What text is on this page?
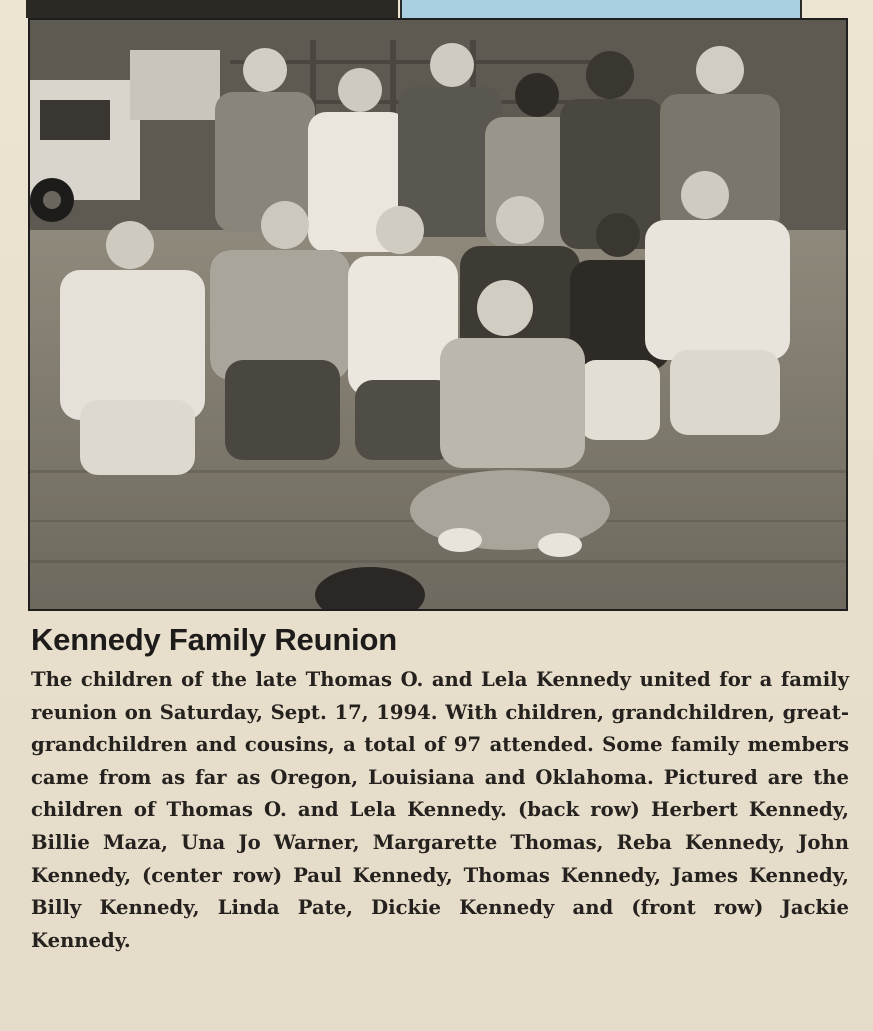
Kennedy Family Reunion

The children of the late Thomas O. and Lela Kennedy united for a family reunion on Saturday, Sept. 17, 1994. With children, grandchildren, great-grandchildren and cousins, a total of 97 attended. Some family members came from as far as Oregon, Louisiana and Oklahoma. Pictured are the children of Thomas O. and Lela Kennedy. (back row) Herbert Kennedy, Billie Maza, Una Jo Warner, Margarette Thomas, Reba Kennedy, John Kennedy, (center row) Paul Kennedy, Thomas Kennedy, James Kennedy, Billy Kennedy, Linda Pate, Dickie Kennedy and (front row) Jackie Kennedy.
